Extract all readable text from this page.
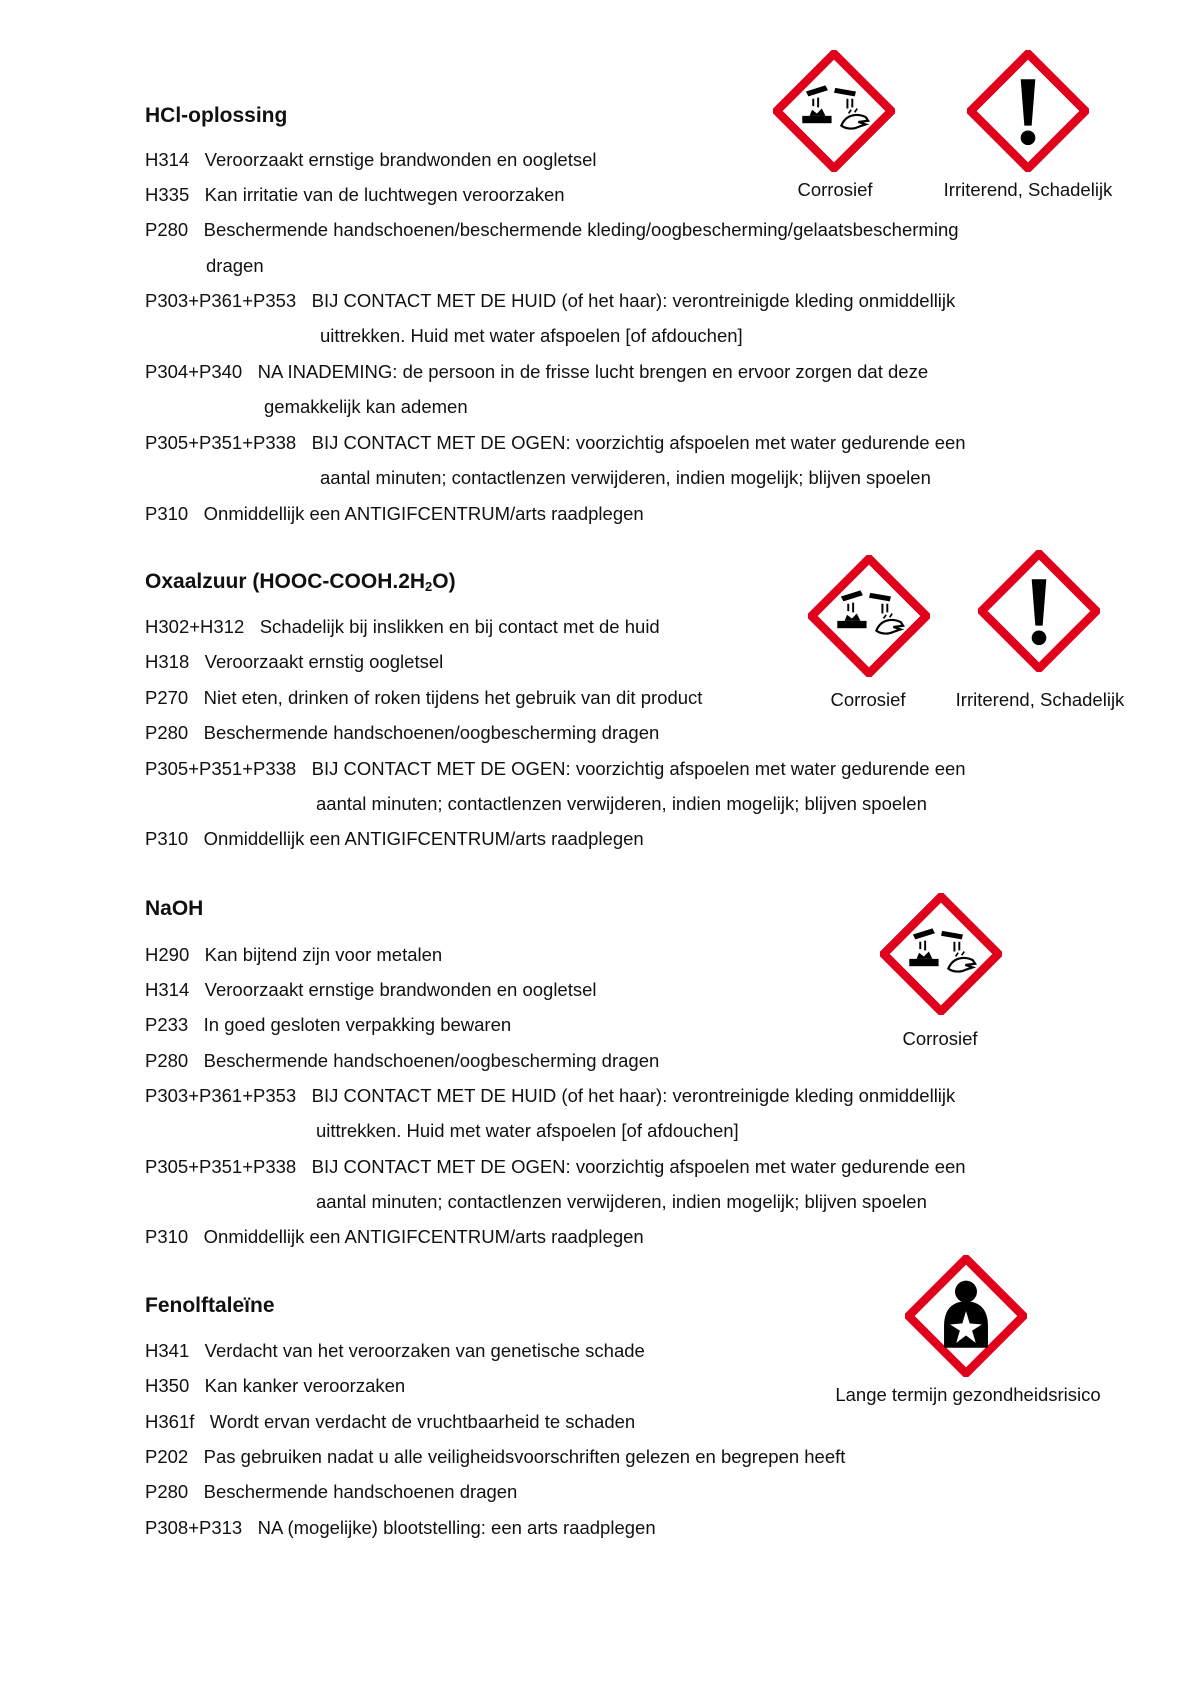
HCl-oplossing
H314 Veroorzaakt ernstige brandwonden en oogletsel
H335 Kan irritatie van de luchtwegen veroorzaken
P280 Beschermende handschoenen/beschermende kleding/oogbescherming/gelaatsbescherming
dragen
P303+P361+P353 BIJ CONTACT MET DE HUID (of het haar): verontreinigde kleding onmiddellijk
uittrekken. Huid met water afspoelen [of afdouchen]
P304+P340 NA INADEMING: de persoon in de frisse lucht brengen en ervoor zorgen dat deze
gemakkelijk kan ademen
P305+P351+P338 BIJ CONTACT MET DE OGEN: voorzichtig afspoelen met water gedurende een
aantal minuten; contactlenzen verwijderen, indien mogelijk; blijven spoelen
P310 Onmiddellijk een ANTIGIFCENTRUM/arts raadplegen
Corrosief	Irriterend, Schadelijk
Oxaalzuur $(HOOC-COOH.2H_2O)$
H302+H312 Schadelijk bij inslikken en bij contact met de huid
H318 Veroorzaakt ernstig oogletsel
P270 Niet eten, drinken of roken tijdens het gebruik van dit product
P280 Beschermende handschoenen/oogbescherming dragen
P305+P351+P338 BIJ CONTACT MET DE OGEN: voorzichtig afspoelen met water gedurende een
aantal minuten; contactlenzen verwijderen, indien mogelijk; blijven spoelen
P310 Onmiddellijk een ANTIGIFCENTRUM/arts raadplegen
Corrosief	Irriterend, Schadelijk
NaOH
H290 Kan bijtend zijn voor metalen
H314 Veroorzaakt ernstige brandwonden en oogletsel
P233 In goed gesloten verpakking bewaren
P280 Beschermende handschoenen/oogbescherming dragen
P303+P361+P353 BIJ CONTACT MET DE HUID (of het haar): verontreinigde kleding onmiddellijk
uittrekken. Huid met water afspoelen [of afdouchen]
P305+P351+P338 BIJ CONTACT MET DE OGEN: voorzichtig afspoelen met water gedurende een
aantal minuten; contactlenzen verwijderen, indien mogelijk; blijven spoelen
P310 Onmiddellijk een ANTIGIFCENTRUM/arts raadplegen
Corrosief
Fenolftaleïne
H341 Verdacht van het veroorzaken van genetische schade
H350 Kan kanker veroorzaken
H361f Wordt ervan verdacht de vruchtbaarheid te schaden
P202 Pas gebruiken nadat u alle veiligheidsvoorschriften gelezen en begrepen heeft
P280 Beschermende handschoenen dragen
P308+P313 NA (mogelijke) blootstelling: een arts raadplegen
Lange termijn gezondheidsrisico
